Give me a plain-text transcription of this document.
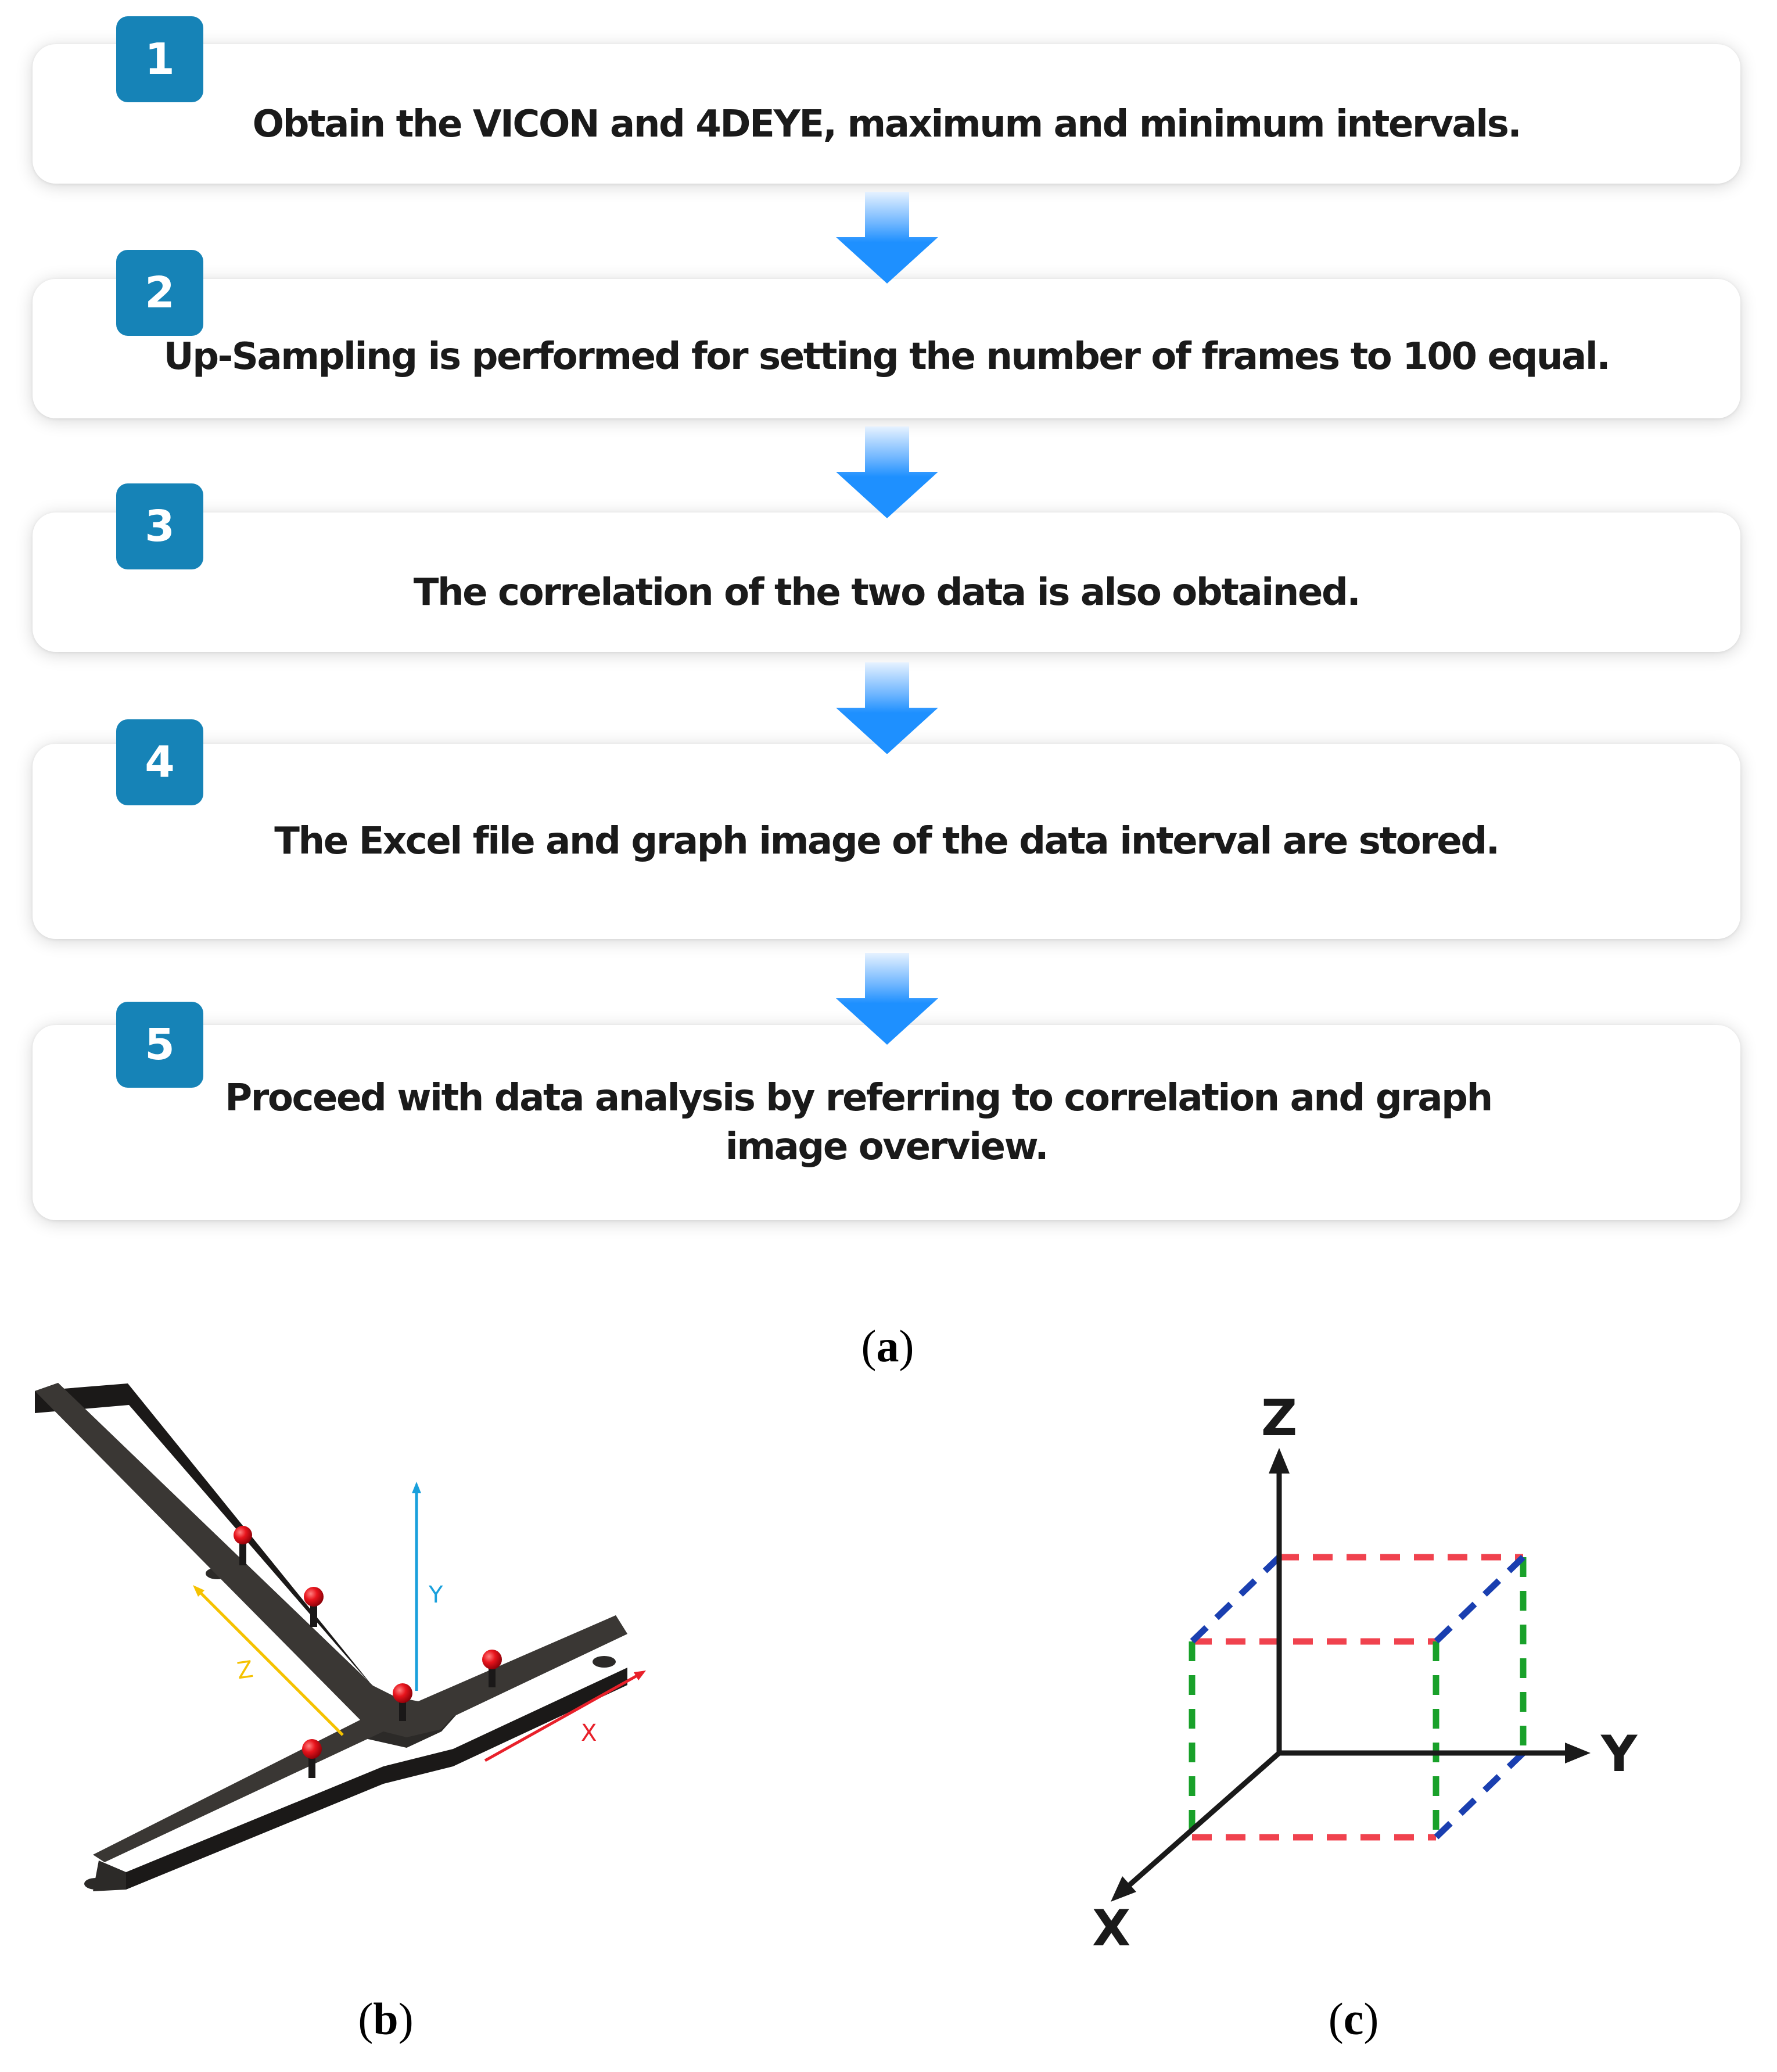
1
Obtain the VICON and 4DEYE, maximum and minimum intervals.
2
Up-Sampling is performed for setting the number of frames to 100 equal.
3
The correlation of the two data is also obtained.
4
The Excel file and graph image of the data interval are stored.
5
Proceed with data analysis by referring to correlation and graph
image overview.
(a)
Y
Z
X
(b)
Z
Y
X
(c)
